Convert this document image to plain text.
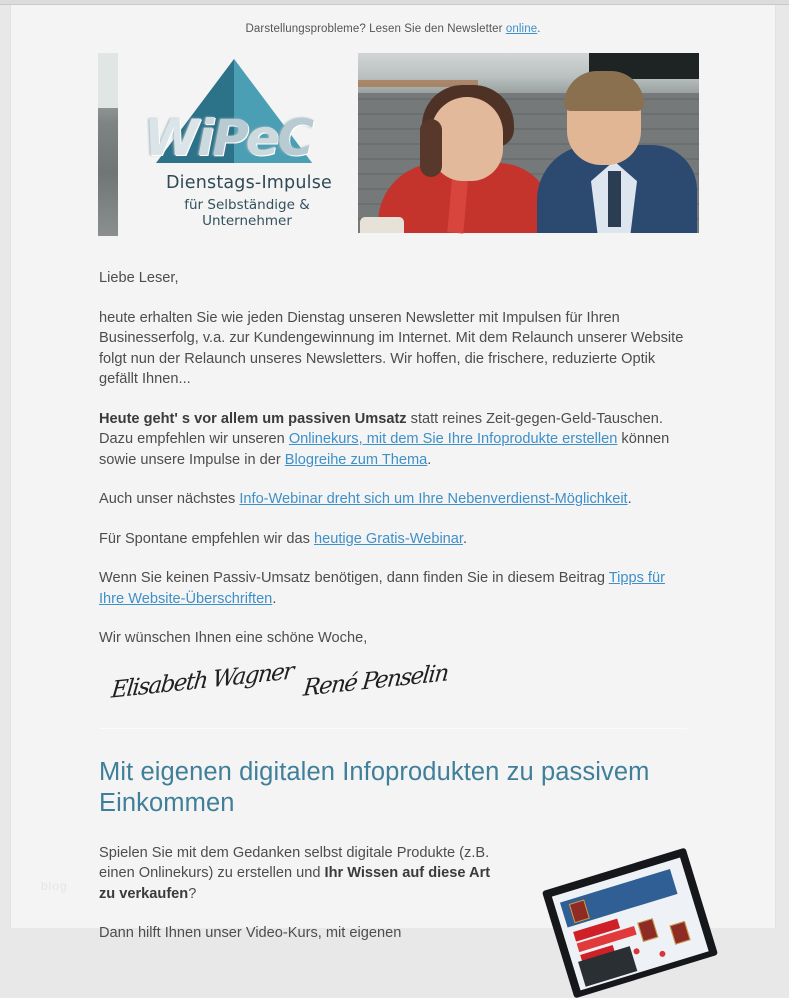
Darstellungsprobleme? Lesen Sie den Newsletter online.
WiPeC
Dienstags-Impulse
für Selbständige & Unternehmer

Liebe Leser,

heute erhalten Sie wie jeden Dienstag unseren Newsletter mit Impulsen für Ihren Businesserfolg, v.a. zur Kundengewinnung im Internet. Mit dem Relaunch unserer Website folgt nun der Relaunch unseres Newsletters. Wir hoffen, die frischere, reduzierte Optik gefällt Ihnen...

Heute geht' s vor allem um passiven Umsatz statt reines Zeit-gegen-Geld-Tauschen. Dazu empfehlen wir unseren Onlinekurs, mit dem Sie Ihre Infoprodukte erstellen können sowie unsere Impulse in der Blogreihe zum Thema.

Auch unser nächstes Info-Webinar dreht sich um Ihre Nebenverdienst-Möglichkeit.

Für Spontane empfehlen wir das heutige Gratis-Webinar.

Wenn Sie keinen Passiv-Umsatz benötigen, dann finden Sie in diesem Beitrag Tipps für Ihre Website-Überschriften.

Wir wünschen Ihnen eine schöne Woche,

Elisabeth Wagner René Penselin
Mit eigenen digitalen Infoprodukten zu passivem Einkommen

Spielen Sie mit dem Gedanken selbst digitale Produkte (z.B. einen Onlinekurs) zu erstellen und Ihr Wissen auf diese Art zu verkaufen?

Dann hilft Ihnen unser Video-Kurs, mit eigenen

blog
